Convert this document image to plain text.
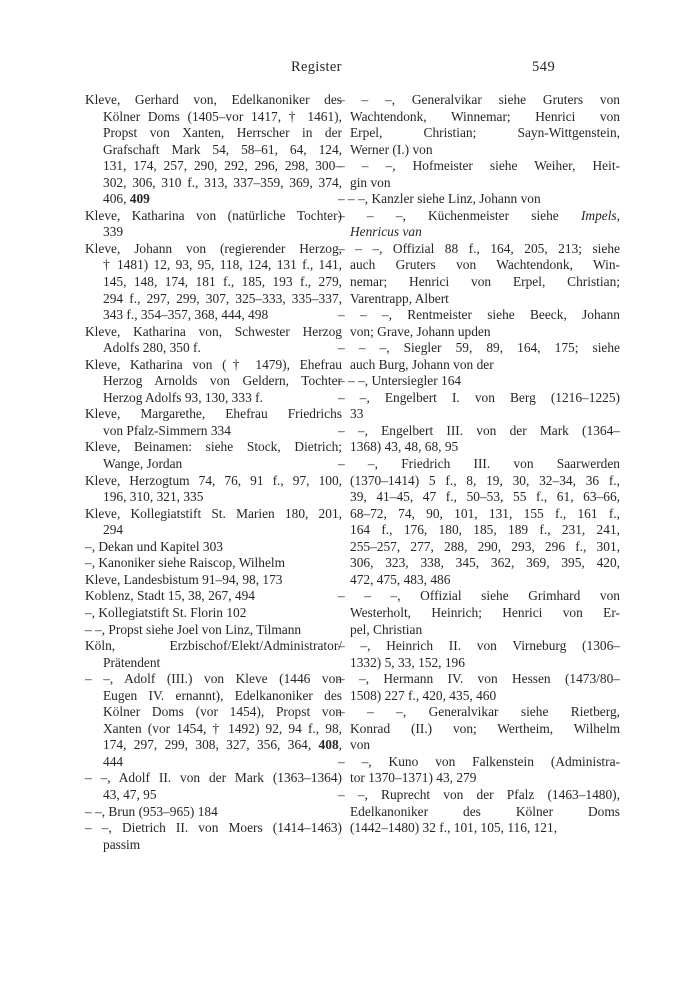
Register	549

Kleve, Gerhard von, Edelkanoniker des
Kölner Doms (1405–vor 1417, † 1461),
Propst von Xanten, Herrscher in der
Grafschaft Mark 54, 58–61, 64, 124,
131, 174, 257, 290, 292, 296, 298, 300–
302, 306, 310 f., 313, 337–359, 369, 374,
406, 409

Kleve, Katharina von (natürliche Tochter)
339

Kleve, Johann von (regierender Herzog,
† 1481) 12, 93, 95, 118, 124, 131 f., 141,
145, 148, 174, 181 f., 185, 193 f., 279,
294 f., 297, 299, 307, 325–333, 335–337,
343 f., 354–357, 368, 444, 498

Kleve, Katharina von, Schwester Herzog
Adolfs 280, 350 f.

Kleve, Katharina von († 1479), Ehefrau
Herzog Arnolds von Geldern, Tochter
Herzog Adolfs 93, 130, 333 f.

Kleve, Margarethe, Ehefrau Friedrichs
von Pfalz-Simmern 334

Kleve, Beinamen: siehe Stock, Dietrich;
Wange, Jordan

Kleve, Herzogtum 74, 76, 91 f., 97, 100,
196, 310, 321, 335

Kleve, Kollegiatstift St. Marien 180, 201,
294

–, Dekan und Kapitel 303

–, Kanoniker siehe Raiscop, Wilhelm

Kleve, Landesbistum 91–94, 98, 173

Koblenz, Stadt 15, 38, 267, 494

–, Kollegiatstift St. Florin 102

– –, Propst siehe Joel von Linz, Tilmann

Köln, Erzbischof/Elekt/Administrator/
Prätendent

– –, Adolf (III.) von Kleve (1446 von
Eugen IV. ernannt), Edelkanoniker des
Kölner Doms (vor 1454), Propst von
Xanten (vor 1454, † 1492) 92, 94 f., 98,
174, 297, 299, 308, 327, 356, 364, 408,
444

– –, Adolf II. von der Mark (1363–1364)
43, 47, 95

– –, Brun (953–965) 184

– –, Dietrich II. von Moers (1414–1463)
passim

– – –, Generalvikar siehe Gruters von
Wachtendonk, Winnemar; Henrici von
Erpel, Christian; Sayn-Wittgenstein,
Werner (I.) von

– – –, Hofmeister siehe Weiher, Heit-
gin von

– – –, Kanzler siehe Linz, Johann von

– – –, Küchenmeister siehe Impels,
Henricus van

– – –, Offizial 88 f., 164, 205, 213; siehe
auch Gruters von Wachtendonk, Win-
nemar; Henrici von Erpel, Christian;
Varentrapp, Albert

– – –, Rentmeister siehe Beeck, Johann
von; Grave, Johann upden

– – –, Siegler 59, 89, 164, 175; siehe
auch Burg, Johann von der

– – –, Untersiegler 164

– –, Engelbert I. von Berg (1216–1225)
33

– –, Engelbert III. von der Mark (1364–
1368) 43, 48, 68, 95

– –, Friedrich III. von Saarwerden
(1370–1414) 5 f., 8, 19, 30, 32–34, 36 f.,
39, 41–45, 47 f., 50–53, 55 f., 61, 63–66,
68–72, 74, 90, 101, 131, 155 f., 161 f.,
164 f., 176, 180, 185, 189 f., 231, 241,
255–257, 277, 288, 290, 293, 296 f., 301,
306, 323, 338, 345, 362, 369, 395, 420,
472, 475, 483, 486

– – –, Offizial siehe Grimhard von
Westerholt, Heinrich; Henrici von Er-
pel, Christian

– –, Heinrich II. von Virneburg (1306–
1332) 5, 33, 152, 196

– –, Hermann IV. von Hessen (1473/80–
1508) 227 f., 420, 435, 460

– – –, Generalvikar siehe Rietberg,
Konrad (II.) von; Wertheim, Wilhelm
von

– –, Kuno von Falkenstein (Administra-
tor 1370–1371) 43, 279

– –, Ruprecht von der Pfalz (1463–1480),
Edelkanoniker des Kölner Doms
(1442–1480) 32 f., 101, 105, 116, 121,
